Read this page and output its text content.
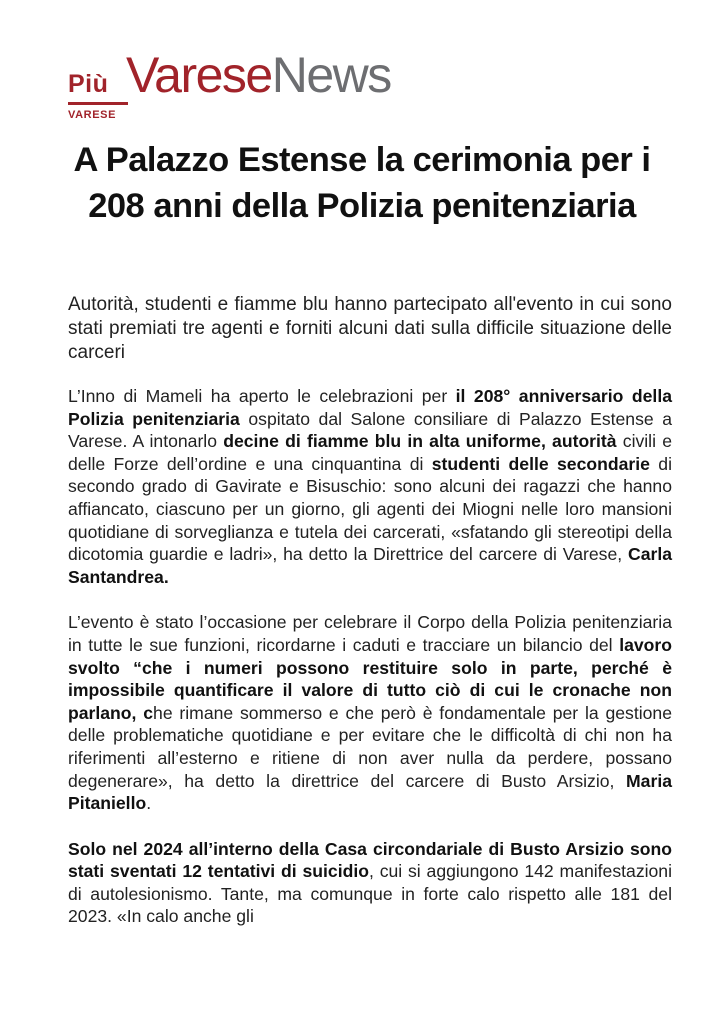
Più
VARESE
VareseNews
A Palazzo Estense la cerimonia per i 208 anni della Polizia penitenziaria

Autorità, studenti e fiamme blu hanno partecipato all'evento in cui sono stati premiati tre agenti e forniti alcuni dati sulla difficile situazione delle carceri

L’Inno di Mameli ha aperto le celebrazioni per il 208° anniversario della Polizia penitenziaria ospitato dal Salone consiliare di Palazzo Estense a Varese. A intonarlo decine di fiamme blu in alta uniforme, autorità civili e delle Forze dell’ordine e una cinquantina di studenti delle secondarie di secondo grado di Gavirate e Bisuschio: sono alcuni dei ragazzi che hanno affiancato, ciascuno per un giorno, gli agenti dei Miogni nelle loro mansioni quotidiane di sorveglianza e tutela dei carcerati, «sfatando gli stereotipi della dicotomia guardie e ladri», ha detto la Direttrice del carcere di Varese, Carla Santandrea.

L’evento è stato l’occasione per celebrare il Corpo della Polizia penitenziaria in tutte le sue funzioni, ricordarne i caduti e tracciare un bilancio del lavoro svolto “che i numeri possono restituire solo in parte, perché è impossibile quantificare il valore di tutto ciò di cui le cronache non parlano, che rimane sommerso e che però è fondamentale per la gestione delle problematiche quotidiane e per evitare che le difficoltà di chi non ha riferimenti all’esterno e ritiene di non aver nulla da perdere, possano degenerare», ha detto la direttrice del carcere di Busto Arsizio, Maria Pitaniello.

Solo nel 2024 all’interno della Casa circondariale di Busto Arsizio sono stati sventati 12 tentativi di suicidio, cui si aggiungono 142 manifestazioni di autolesionismo. Tante, ma comunque in forte calo rispetto alle 181 del 2023. «In calo anche gli
